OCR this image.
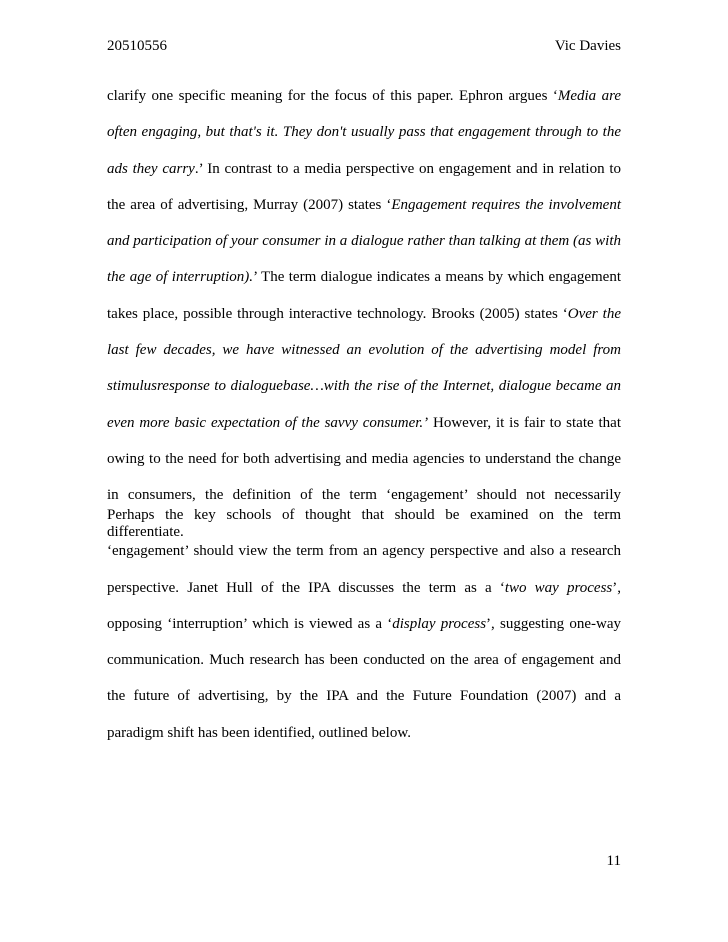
20510556	Vic Davies

clarify one specific meaning for the focus of this paper. Ephron argues ‘Media are often engaging, but that's it. They don't usually pass that engagement through to the ads they carry.’ In contrast to a media perspective on engagement and in relation to the area of advertising, Murray (2007) states ‘Engagement requires the involvement and participation of your consumer in a dialogue rather than talking at them (as with the age of interruption).’ The term dialogue indicates a means by which engagement takes place, possible through interactive technology. Brooks (2005) states ‘Over the last few decades, we have witnessed an evolution of the advertising model from stimulusresponse to dialoguebase…with the rise of the Internet, dialogue became an even more basic expectation of the savvy consumer.’ However, it is fair to state that owing to the need for both advertising and media agencies to understand the change in consumers, the definition of the term ‘engagement’ should not necessarily differentiate.

Perhaps the key schools of thought that should be examined on the term ‘engagement’ should view the term from an agency perspective and also a research perspective. Janet Hull of the IPA discusses the term as a ‘two way process’, opposing ‘interruption’ which is viewed as a ‘display process’, suggesting one-way communication. Much research has been conducted on the area of engagement and the future of advertising, by the IPA and the Future Foundation (2007) and a paradigm shift has been identified, outlined below.

11
